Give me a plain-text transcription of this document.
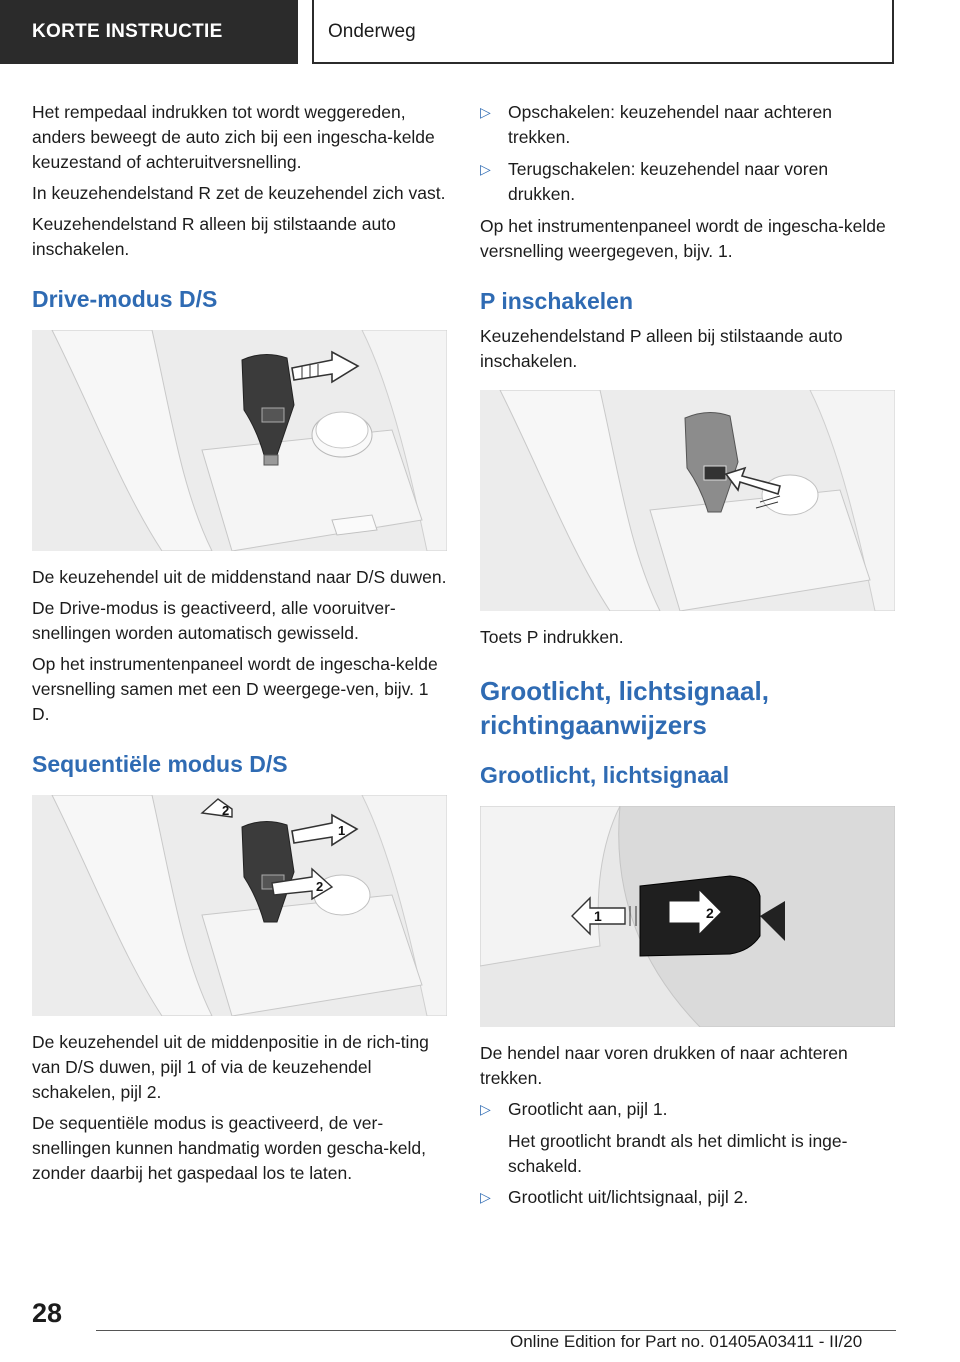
KORTE INSTRUCTIE	Onderweg

Het rempedaal indrukken tot wordt weggereden, anders beweegt de auto zich bij een ingescha-kelde keuzestand of achteruitversnelling.

In keuzehendelstand R zet de keuzehendel zich vast.

Keuzehendelstand R alleen bij stilstaande auto inschakelen.

Drive-modus D/S

De keuzehendel uit de middenstand naar D/S duwen.

De Drive-modus is geactiveerd, alle vooruitver-snellingen worden automatisch gewisseld.

Op het instrumentenpaneel wordt de ingescha-kelde versnelling samen met een D weergege-ven, bijv. 1 D.

Sequentiële modus D/S
2
1
2

De keuzehendel uit de middenpositie in de rich-ting van D/S duwen, pijl 1 of via de keuzehendel schakelen, pijl 2.

De sequentiële modus is geactiveerd, de ver-snellingen kunnen handmatig worden gescha-keld, zonder daarbij het gaspedaal los te laten.

▷ Opschakelen: keuzehendel naar achteren trekken.
▷ Terugschakelen: keuzehendel naar voren drukken.

Op het instrumentenpaneel wordt de ingescha-kelde versnelling weergegeven, bijv. 1.

P inschakelen

Keuzehendelstand P alleen bij stilstaande auto inschakelen.

Toets P indrukken.

Grootlicht, lichtsignaal, richtingaanwijzers
Grootlicht, lichtsignaal
2
1

De hendel naar voren drukken of naar achteren trekken.

▷ Grootlicht aan, pijl 1.

Het grootlicht brandt als het dimlicht is inge-schakeld.

▷ Grootlicht uit/lichtsignaal, pijl 2.
28
Online Edition for Part no. 01405A03411 - II/20
